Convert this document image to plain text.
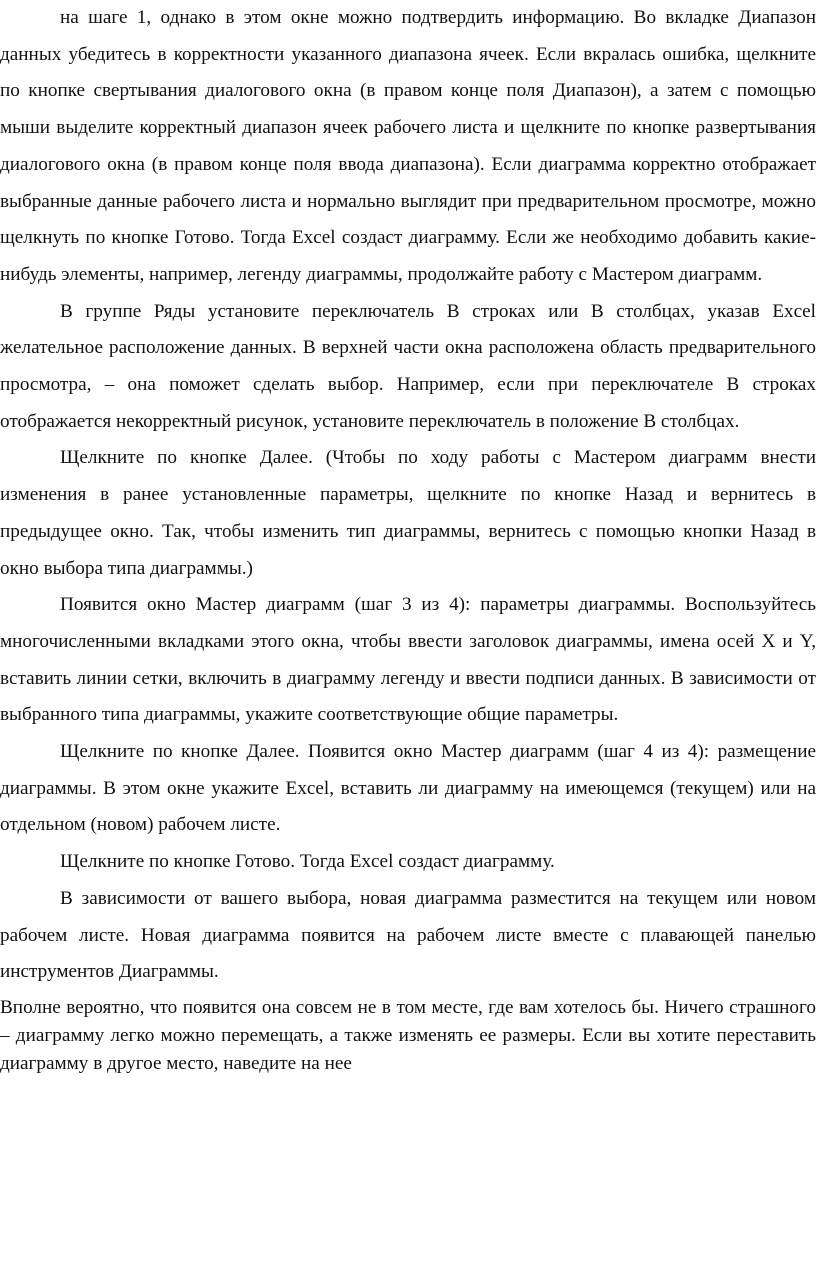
на шаге 1, однако в этом окне можно подтвердить информацию. Во вкладке Диапазон данных убедитесь в корректности указанного диапазона ячеек. Если вкралась ошибка, щелкните по кнопке свертывания диалогового окна (в правом конце поля Диапазон), а затем с помощью мыши выделите корректный диапазон ячеек рабочего листа и щелкните по кнопке развертывания диалогового окна (в правом конце поля ввода диапазона). Если диаграмма корректно отображает выбранные данные рабочего листа и нормально выглядит при предварительном просмотре, можно щелкнуть по кнопке Готово. Тогда Excel создаст диаграмму. Если же необходимо добавить какие-нибудь элементы, например, легенду диаграммы, продолжайте работу с Мастером диаграмм.

В группе Ряды установите переключатель В строках или В столбцах, указав Excel желательное расположение данных. В верхней части окна расположена область предварительного просмотра, – она поможет сделать выбор. Например, если при переключателе В строках отображается некорректный рисунок, установите переключатель в положение В столбцах.

Щелкните по кнопке Далее. (Чтобы по ходу работы с Мастером диаграмм внести изменения в ранее установленные параметры, щелкните по кнопке Назад и вернитесь в предыдущее окно. Так, чтобы изменить тип диаграммы, вернитесь с помощью кнопки Назад в окно выбора типа диаграммы.)

Появится окно Мастер диаграмм (шаг 3 из 4): параметры диаграммы. Воспользуйтесь многочисленными вкладками этого окна, чтобы ввести заголовок диаграммы, имена осей X и Y, вставить линии сетки, включить в диаграмму легенду и ввести подписи данных. В зависимости от выбранного типа диаграммы, укажите соответствующие общие параметры.

Щелкните по кнопке Далее. Появится окно Мастер диаграмм (шаг 4 из 4): размещение диаграммы. В этом окне укажите Excel, вставить ли диаграмму на имеющемся (текущем) или на отдельном (новом) рабочем листе.

Щелкните по кнопке Готово. Тогда Excel создаст диаграмму.

В зависимости от вашего выбора, новая диаграмма разместится на текущем или новом рабочем листе. Новая диаграмма появится на рабочем листе вместе с плавающей панелью инструментов Диаграммы.

Вполне вероятно, что появится она совсем не в том месте, где вам хотелось бы. Ничего страшного – диаграмму легко можно перемещать, а также изменять ее размеры. Если вы хотите переставить диаграмму в другое место, наведите на нее
